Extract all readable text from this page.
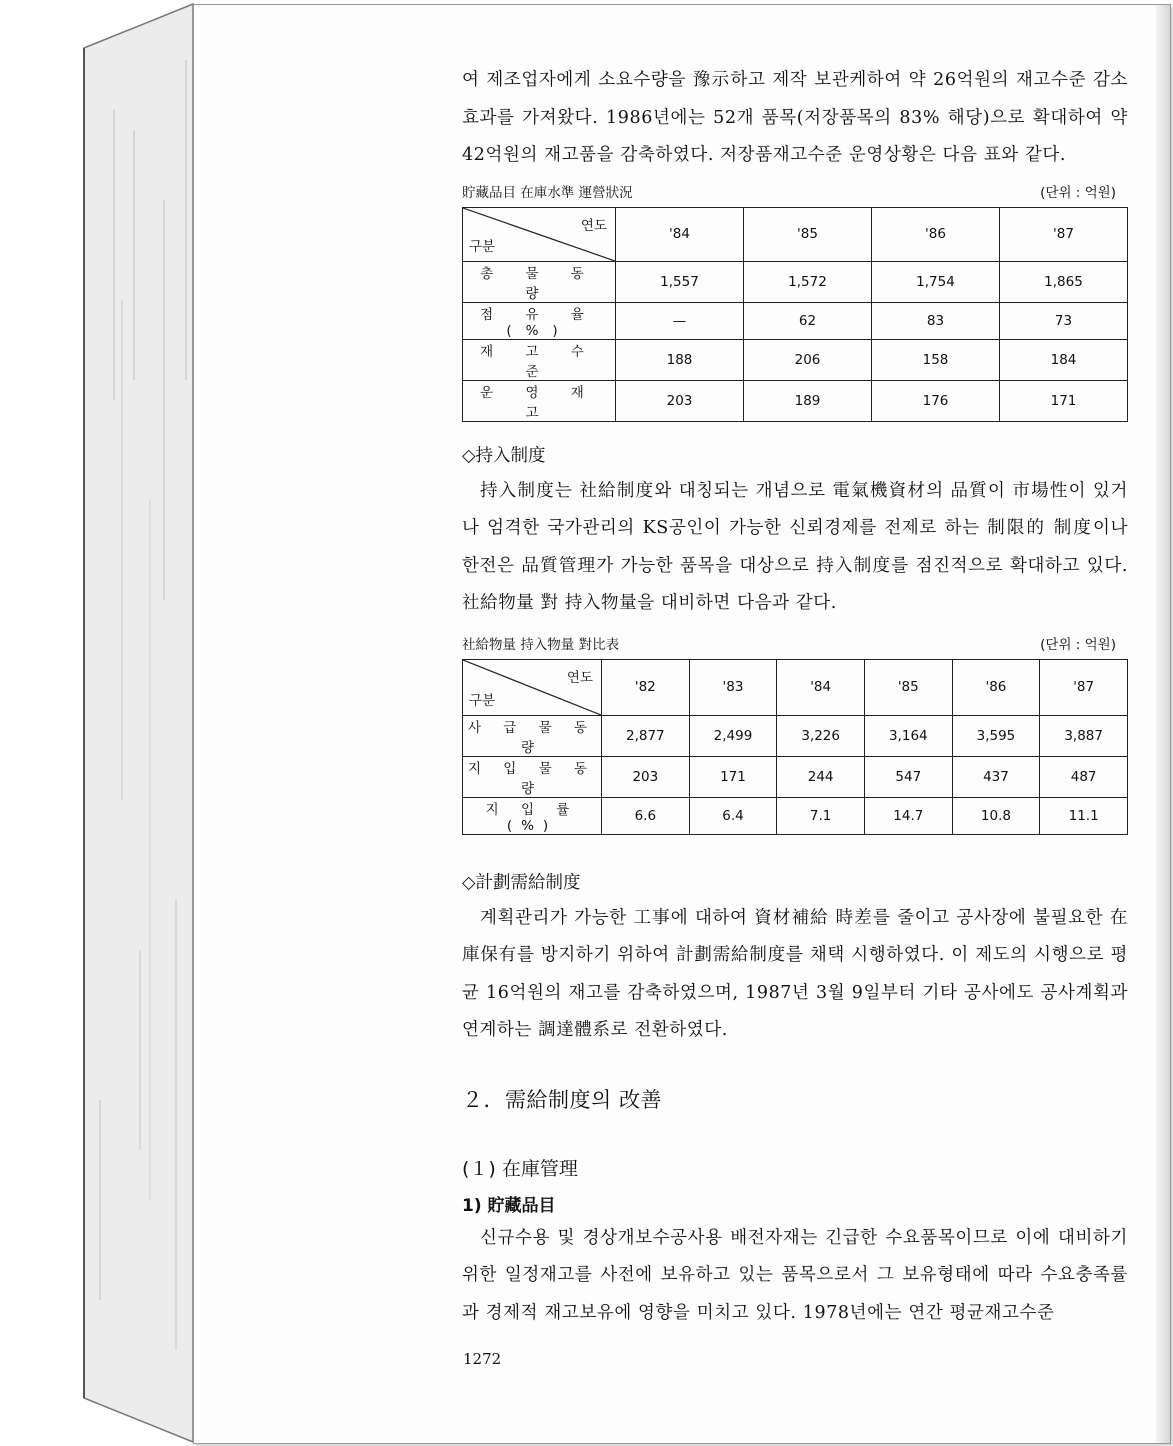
여 제조업자에게 소요수량을 豫示하고 제작 보관케하여 약 26억원의 재고수준 감소효과를 가져왔다. 1986년에는 52개 품목(저장품목의 83% 해당)으로 확대하여 약 42억원의 재고품을 감축하였다. 저장품재고수준 운영상황은 다음 표와 같다.

貯藏品目 在庫水準 運營狀況	(단위 : 억원)
연도
구분	'84	'85	'86	'87
총 물 동 량	1,557	1,572	1,754	1,865
점 유 율(%)	—	62	83	73
재 고 수 준	188	206	158	184
운 영 재 고	203	189	176	171

◇持入制度

持入制度는 社給制度와 대칭되는 개념으로 電氣機資材의 品質이 市場性이 있거나 엄격한 국가관리의 KS공인이 가능한 신뢰경제를 전제로 하는 制限的 制度이나 한전은 品質管理가 가능한 품목을 대상으로 持入制度를 점진적으로 확대하고 있다. 社給物量 對 持入物量을 대비하면 다음과 같다.

社給物量 持入物量 對比表	(단위 : 억원)
연도
구분	'82	'83	'84	'85	'86	'87
사 급 물 동 량	2,877	2,499	3,226	3,164	3,595	3,887
지 입 물 동 량	203	171	244	547	437	487
지 입 률(%)	6.6	6.4	7.1	14.7	10.8	11.1

◇計劃需給制度

계획관리가 가능한 工事에 대하여 資材補給 時差를 줄이고 공사장에 불필요한 在庫保有를 방지하기 위하여 計劃需給制度를 채택 시행하였다. 이 제도의 시행으로 평균 16억원의 재고를 감축하였으며, 1987년 3월 9일부터 기타 공사에도 공사계획과 연계하는 調達體系로 전환하였다.

２．需給制度의 改善

(１) 在庫管理

1) 貯藏品目

신규수용 및 경상개보수공사용 배전자재는 긴급한 수요품목이므로 이에 대비하기 위한 일정재고를 사전에 보유하고 있는 품목으로서 그 보유형태에 따라 수요충족률과 경제적 재고보유에 영향을 미치고 있다. 1978년에는 연간 평균재고수준

1272
